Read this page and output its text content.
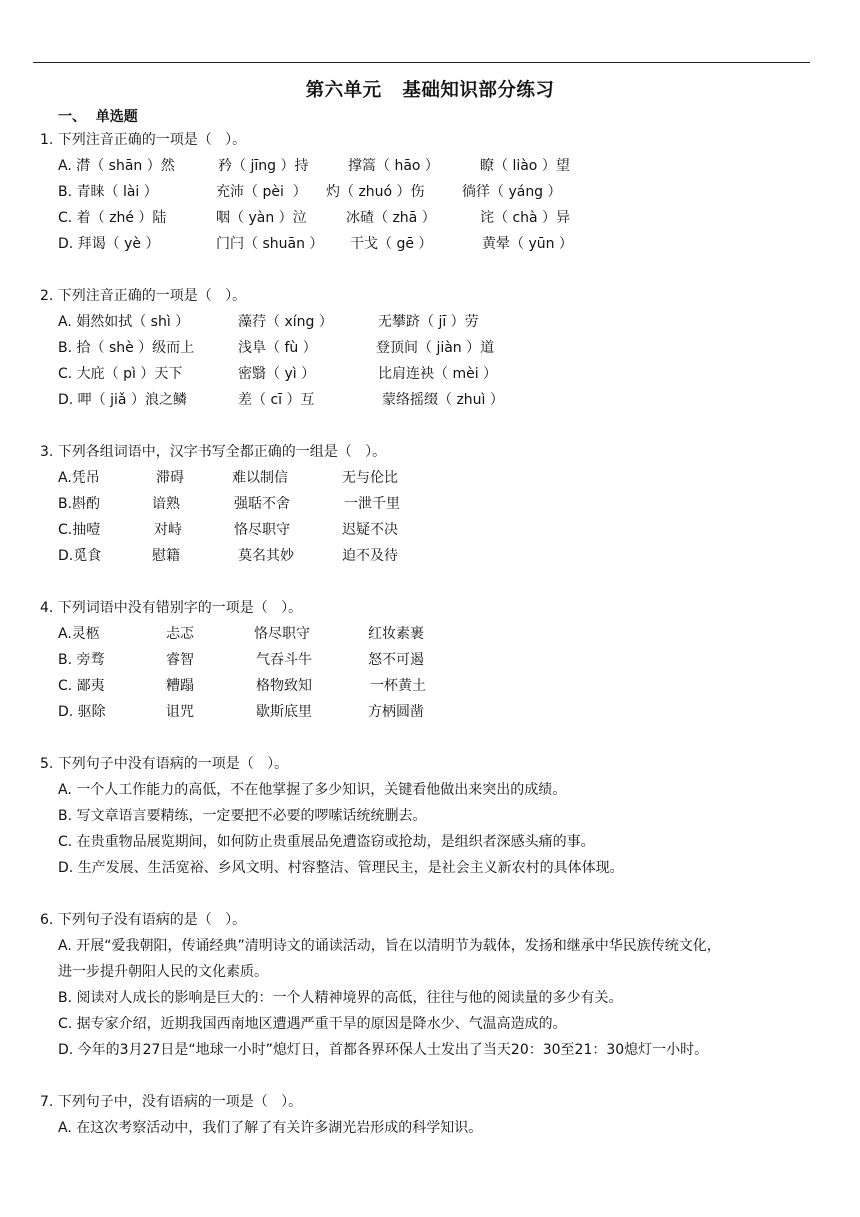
第六单元   基础知识部分练习
一、  单选题
1. 下列注音正确的一项是（   ）。
A. 潸（ shān ）然	矜（ jīng ）持	撑篙（ hāo ）	瞭（ liào ）望
B. 青睐（ lài ）	充沛（ pèi  ） 灼（ zhuó ）伤	徜徉（ yáng ）
C. 着（ zhé ）陆	咽（ yàn ）泣	冰碴（ zhā ）	诧（ chà ）异
D. 拜谒（ yè ）	门闩（ shuān ） 干戈（ gē ）	黄晕（ yūn ）
2. 下列注音正确的一项是（   ）。
A. 娟然如拭（ shì ）	藻荇（ xíng ）	无攀跻（ jī ）劳
B. 拾（ shè ）级而上	浅阜（ fù ）	登顶间（ jiàn ）道
C. 大庇（ pì ）天下	密翳（ yì ）	比肩连袂（ mèi ）
D. 呷（ jiǎ ）浪之鳞	差（ cī ）互	蒙络摇缀（ zhuì ）
3. 下列各组词语中，汉字书写全都正确的一组是（   ）。
A.凭吊	滞碍	难以制信	无与伦比
B.斟酌	谙熟	强聒不舍	一泄千里
C.抽噎	对峙	恪尽职守	迟疑不决
D.觅食	慰籍	莫名其妙	迫不及待
4. 下列词语中没有错别字的一项是（   ）。
A.灵柩	忐忑	恪尽职守	红妆素裹
B. 旁骛	睿智	气吞斗牛	怒不可遏
C. 鄙夷	糟蹋	格物致知	一杯黄土
D. 驱除	诅咒	歇斯底里	方柄圆凿
5. 下列句子中没有语病的一项是（   ）。
A. 一个人工作能力的高低，不在他掌握了多少知识，关键看他做出来突出的成绩。
B. 写文章语言要精练，一定要把不必要的啰嗦话统统删去。
C. 在贵重物品展览期间，如何防止贵重展品免遭盗窃或抢劫，是组织者深感头痛的事。
D. 生产发展、生活宽裕、乡风文明、村容整洁、管理民主，是社会主义新农村的具体体现。
6. 下列句子没有语病的是（   ）。
A. 开展“爱我朝阳，传诵经典”清明诗文的诵读活动，旨在以清明节为载体，发扬和继承中华民族传统文化，
进一步提升朝阳人民的文化素质。
B. 阅读对人成长的影响是巨大的：一个人精神境界的高低，往往与他的阅读量的多少有关。
C. 据专家介绍，近期我国西南地区遭遇严重干旱的原因是降水少、气温高造成的。
D. 今年的3月27日是“地球一小时”熄灯日，首都各界环保人士发出了当天20：30至21：30熄灯一小时。
7. 下列句子中，没有语病的一项是（   ）。
A. 在这次考察活动中，我们了解了有关许多湖光岩形成的科学知识。
